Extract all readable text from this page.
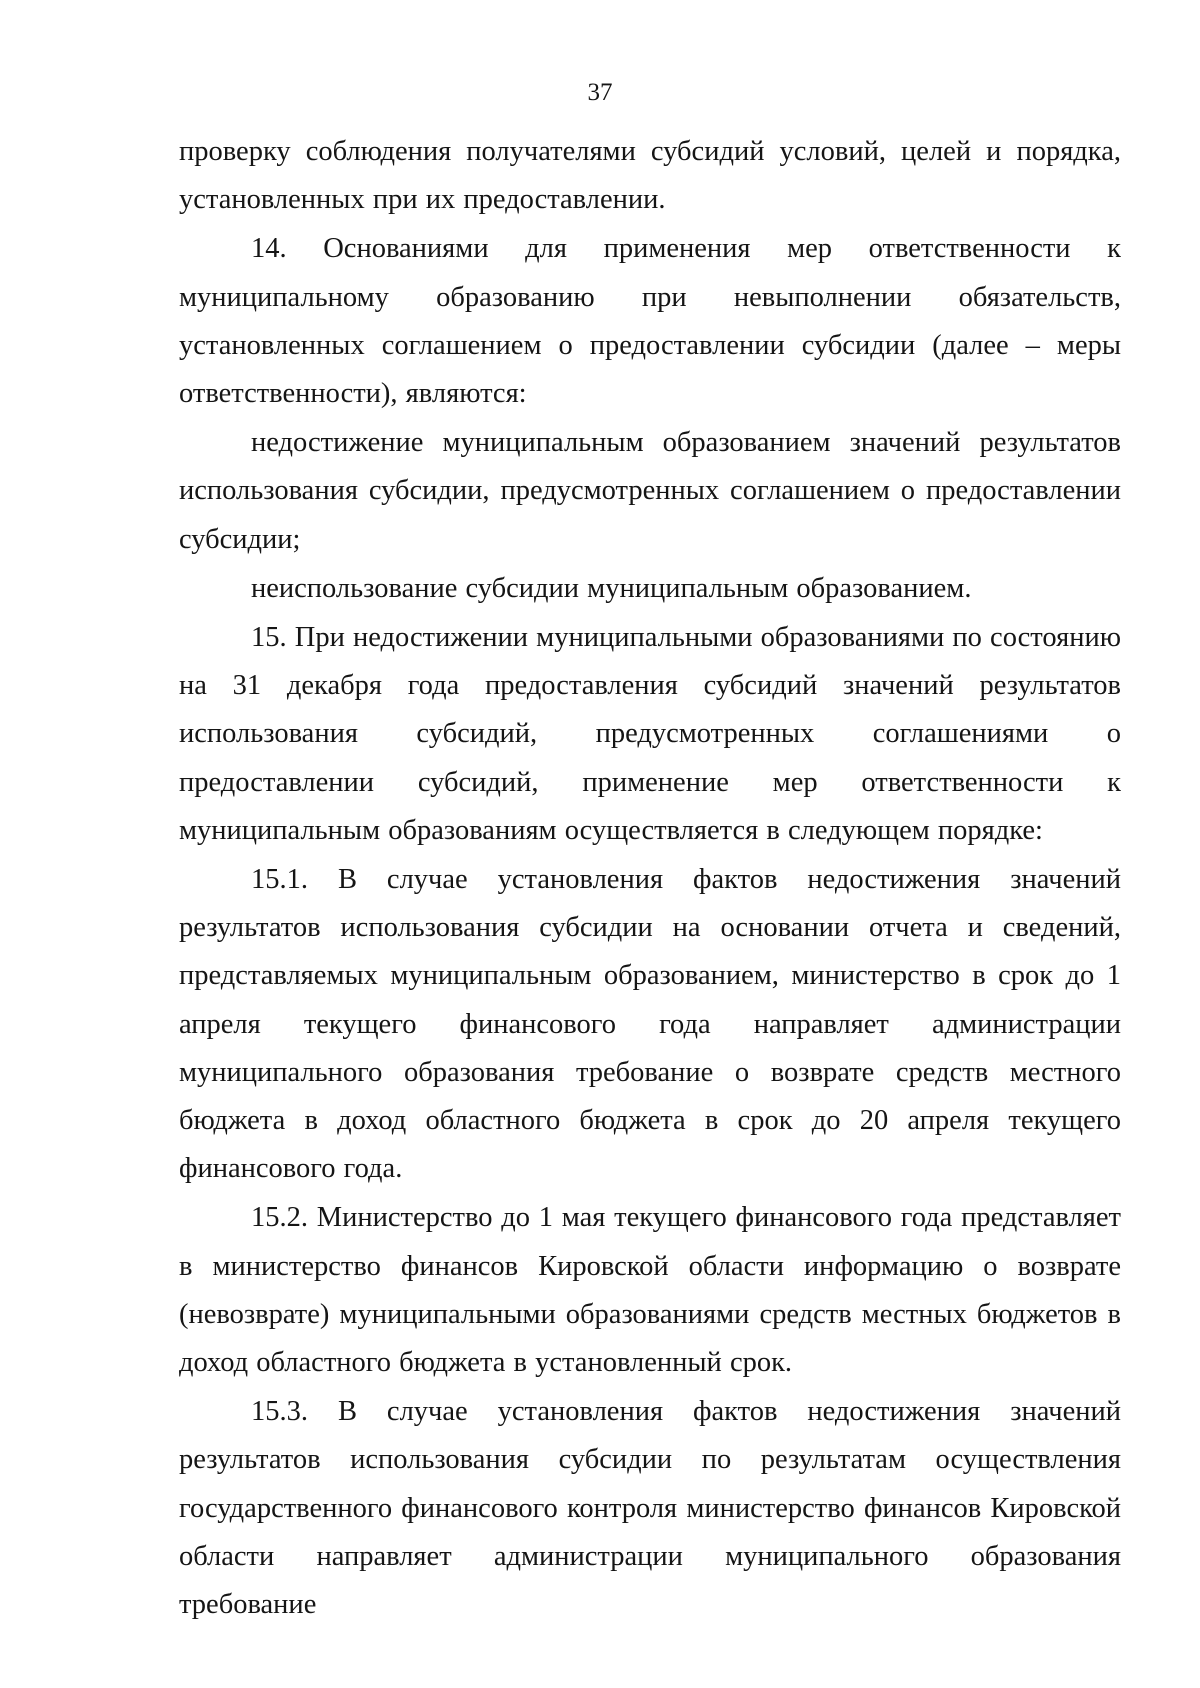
37

проверку соблюдения получателями субсидий условий, целей и порядка, установленных при их предоставлении.

14. Основаниями для применения мер ответственности к муниципальному образованию при невыполнении обязательств, установленных соглашением о предоставлении субсидии (далее – меры ответственности), являются:

недостижение муниципальным образованием значений результатов использования субсидии, предусмотренных соглашением о предоставлении субсидии;

неиспользование субсидии муниципальным образованием.

15. При недостижении муниципальными образованиями по состоянию на 31 декабря года предоставления субсидий значений результатов использования субсидий, предусмотренных соглашениями о предоставлении субсидий, применение мер ответственности к муниципальным образованиям осуществляется в следующем порядке:

15.1. В случае установления фактов недостижения значений результатов использования субсидии на основании отчета и сведений, представляемых муниципальным образованием, министерство в срок до 1 апреля текущего финансового года направляет администрации муниципального образования требование о возврате средств местного бюджета в доход областного бюджета в срок до 20 апреля текущего финансового года.

15.2. Министерство до 1 мая текущего финансового года представляет в министерство финансов Кировской области информацию о возврате (невозврате) муниципальными образованиями средств местных бюджетов в доход областного бюджета в установленный срок.

15.3. В случае установления фактов недостижения значений результатов использования субсидии по результатам осуществления государственного финансового контроля министерство финансов Кировской области направляет администрации муниципального образования требование
